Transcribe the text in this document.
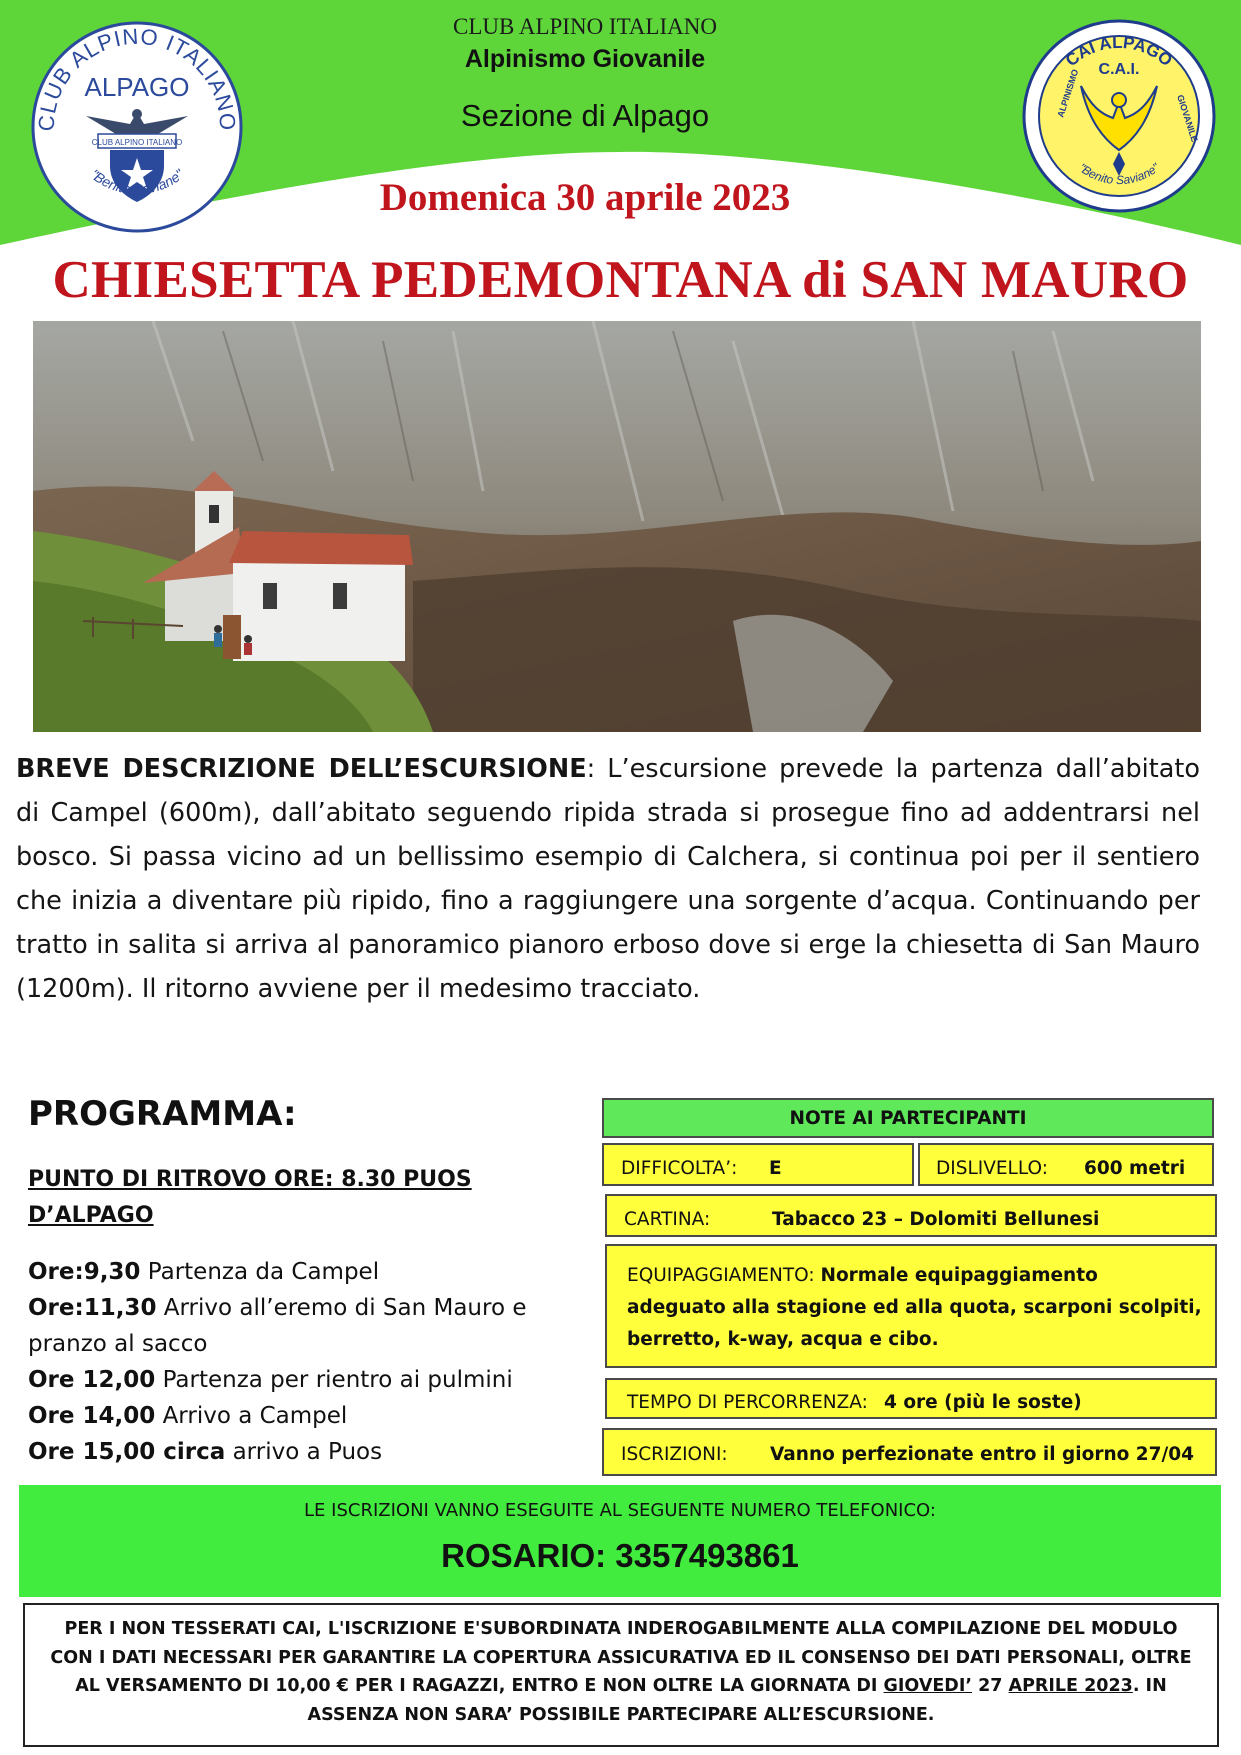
CLUB ALPINO ITALIANO
ALPAGO
CLUB ALPINO ITALIANO
"Benito Saviane"
CAI ALPAGO
C.A.I.
ALPINISMO	GIOVANILE
"Benito Saviane"
CLUB ALPINO ITALIANO
Alpinismo Giovanile
Sezione di Alpago
Domenica 30 aprile 2023
CHIESETTA PEDEMONTANA di SAN MAURO
BREVE DESCRIZIONE DELL’ESCURSIONE: L’escursione prevede la partenza dall’abitato di Campel (600m), dall’abitato seguendo ripida strada si prosegue fino ad addentrarsi nel bosco. Si passa vicino ad un bellissimo esempio di Calchera, si continua poi per il sentiero che inizia a diventare più ripido, fino a raggiungere una sorgente d’acqua. Continuando per tratto in salita si arriva al panoramico pianoro erboso dove si erge la chiesetta di San Mauro (1200m). Il ritorno avviene per il medesimo tracciato.
PROGRAMMA:
PUNTO DI RITROVO ORE: 8.30 PUOS D’ALPAGO
Ore:9,30 Partenza da Campel
Ore:11,30 Arrivo all’eremo di San Mauro e pranzo al sacco
Ore 12,00 Partenza per rientro ai pulmini
Ore 14,00 Arrivo a Campel
Ore 15,00 circa arrivo a Puos
NOTE AI PARTECIPANTI
DIFFICOLTA’: E	DISLIVELLO: 600 metri
CARTINA:	Tabacco 23 – Dolomiti Bellunesi
EQUIPAGGIAMENTO: Normale equipaggiamento
adeguato alla stagione ed alla quota, scarponi scolpiti,
berretto, k-way, acqua e cibo.
TEMPO DI PERCORRENZA: 4 ore (più le soste)
ISCRIZIONI: Vanno perfezionate entro il giorno 27/04
LE ISCRIZIONI VANNO ESEGUITE AL SEGUENTE NUMERO TELEFONICO:
ROSARIO: 3357493861
PER I NON TESSERATI CAI, L'ISCRIZIONE E'SUBORDINATA INDEROGABILMENTE ALLA COMPILAZIONE DEL MODULO CON I DATI NECESSARI PER GARANTIRE LA COPERTURA ASSICURATIVA ED IL CONSENSO DEI DATI PERSONALI, OLTRE AL VERSAMENTO DI 10,00 € PER I RAGAZZI, ENTRO E NON OLTRE LA GIORNATA DI GIOVEDI’ 27 APRILE 2023. IN ASSENZA NON SARA’ POSSIBILE PARTECIPARE ALL’ESCURSIONE.
